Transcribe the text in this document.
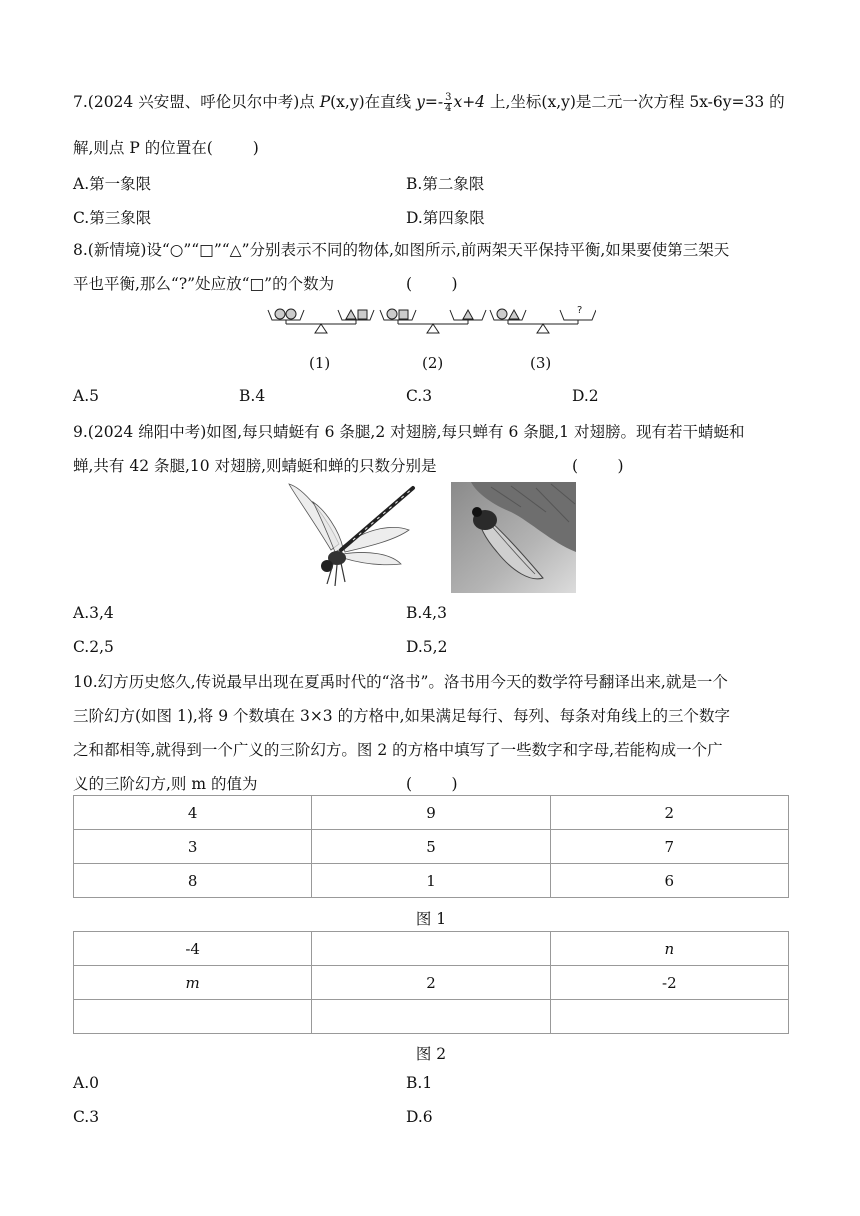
7.(2024 兴安盟、呼伦贝尔中考)点 P(x,y)在直线 $y=- \frac{3}{4} x+4$ 上,坐标(x,y)是二元一次方程 5x-6y=33 的
解,则点 P 的位置在(	)
A.第一象限	B.第二象限
C.第三象限	D.第四象限
8.(新情境)设“○”“□”“△”分别表示不同的物体,如图所示,前两架天平保持平衡,如果要使第三架天
平也平衡,那么“?”处应放“□”的个数为	(        )
?
(1)	(2)	(3)
A.5	B.4	C.3	D.2
9.(2024 绵阳中考)如图,每只蜻蜓有 6 条腿,2 对翅膀,每只蝉有 6 条腿,1 对翅膀。现有若干蜻蜓和
蝉,共有 42 条腿,10 对翅膀,则蜻蜓和蝉的只数分别是	(        )
A.3,4	B.4,3
C.2,5	D.5,2
10.幻方历史悠久,传说最早出现在夏禹时代的“洛书”。洛书用今天的数学符号翻译出来,就是一个
三阶幻方(如图 1),将 9 个数填在 3×3 的方格中,如果满足每行、每列、每条对角线上的三个数字
之和都相等,就得到一个广义的三阶幻方。图 2 的方格中填写了一些数字和字母,若能构成一个广
义的三阶幻方,则 m 的值为	(        )
4	9	2
3	5	7
8	1	6
图 1
-4		n
m	2	-2

图 2
A.0	B.1
C.3	D.6
